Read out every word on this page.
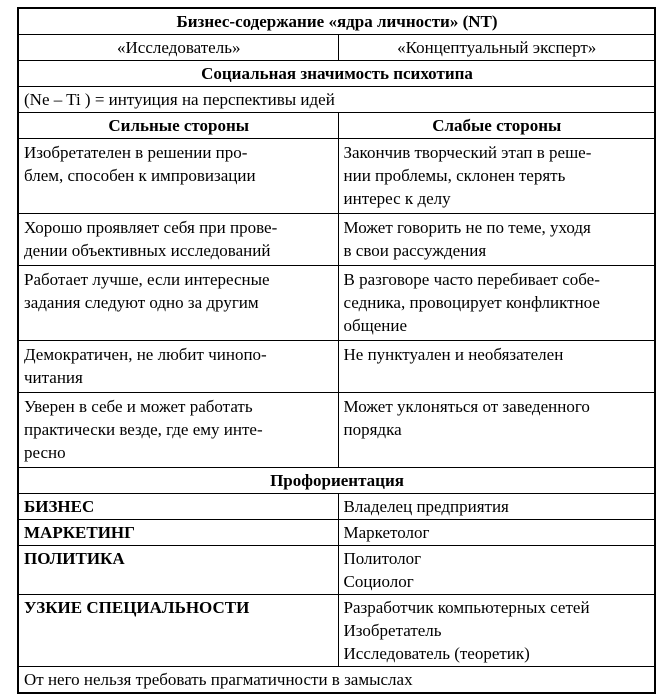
Бизнес-содержание «ядра личности» (NT)	
«Исследователь»	«Концептуальный эксперт»
Социальная значимость психотипа	
(Ne – Ti ) = интуиция на перспективы идей	
Сильные стороны	Слабые стороны

Изобретателен в решении про-
блем, способен к импровизации	Закончив творческий этап в реше-
нии проблемы, склонен терять
интерес к делу

Хорошо проявляет себя при прове-
дении объективных исследований	Может говорить не по теме, уходя
в свои рассуждения

Работает лучше, если интересные
задания следуют одно за другим	В разговоре часто перебивает собе-
седника, провоцирует конфликтное
общение

Демократичен, не любит чинопо-
читания	Не пунктуален и необязателен

Уверен в себе и может работать
практически везде, где ему инте-
ресно	Может уклоняться от заведенного
порядка

Профориентация	
БИЗНЕС	Владелец предприятия

МАРКЕТИНГ	Маркетолог

ПОЛИТИКА	Политолог
Социолог

УЗКИЕ СПЕЦИАЛЬНОСТИ	Разработчик компьютерных сетей
Изобретатель
Исследователь (теоретик)

От него нельзя требовать прагматичности в замыслах	
